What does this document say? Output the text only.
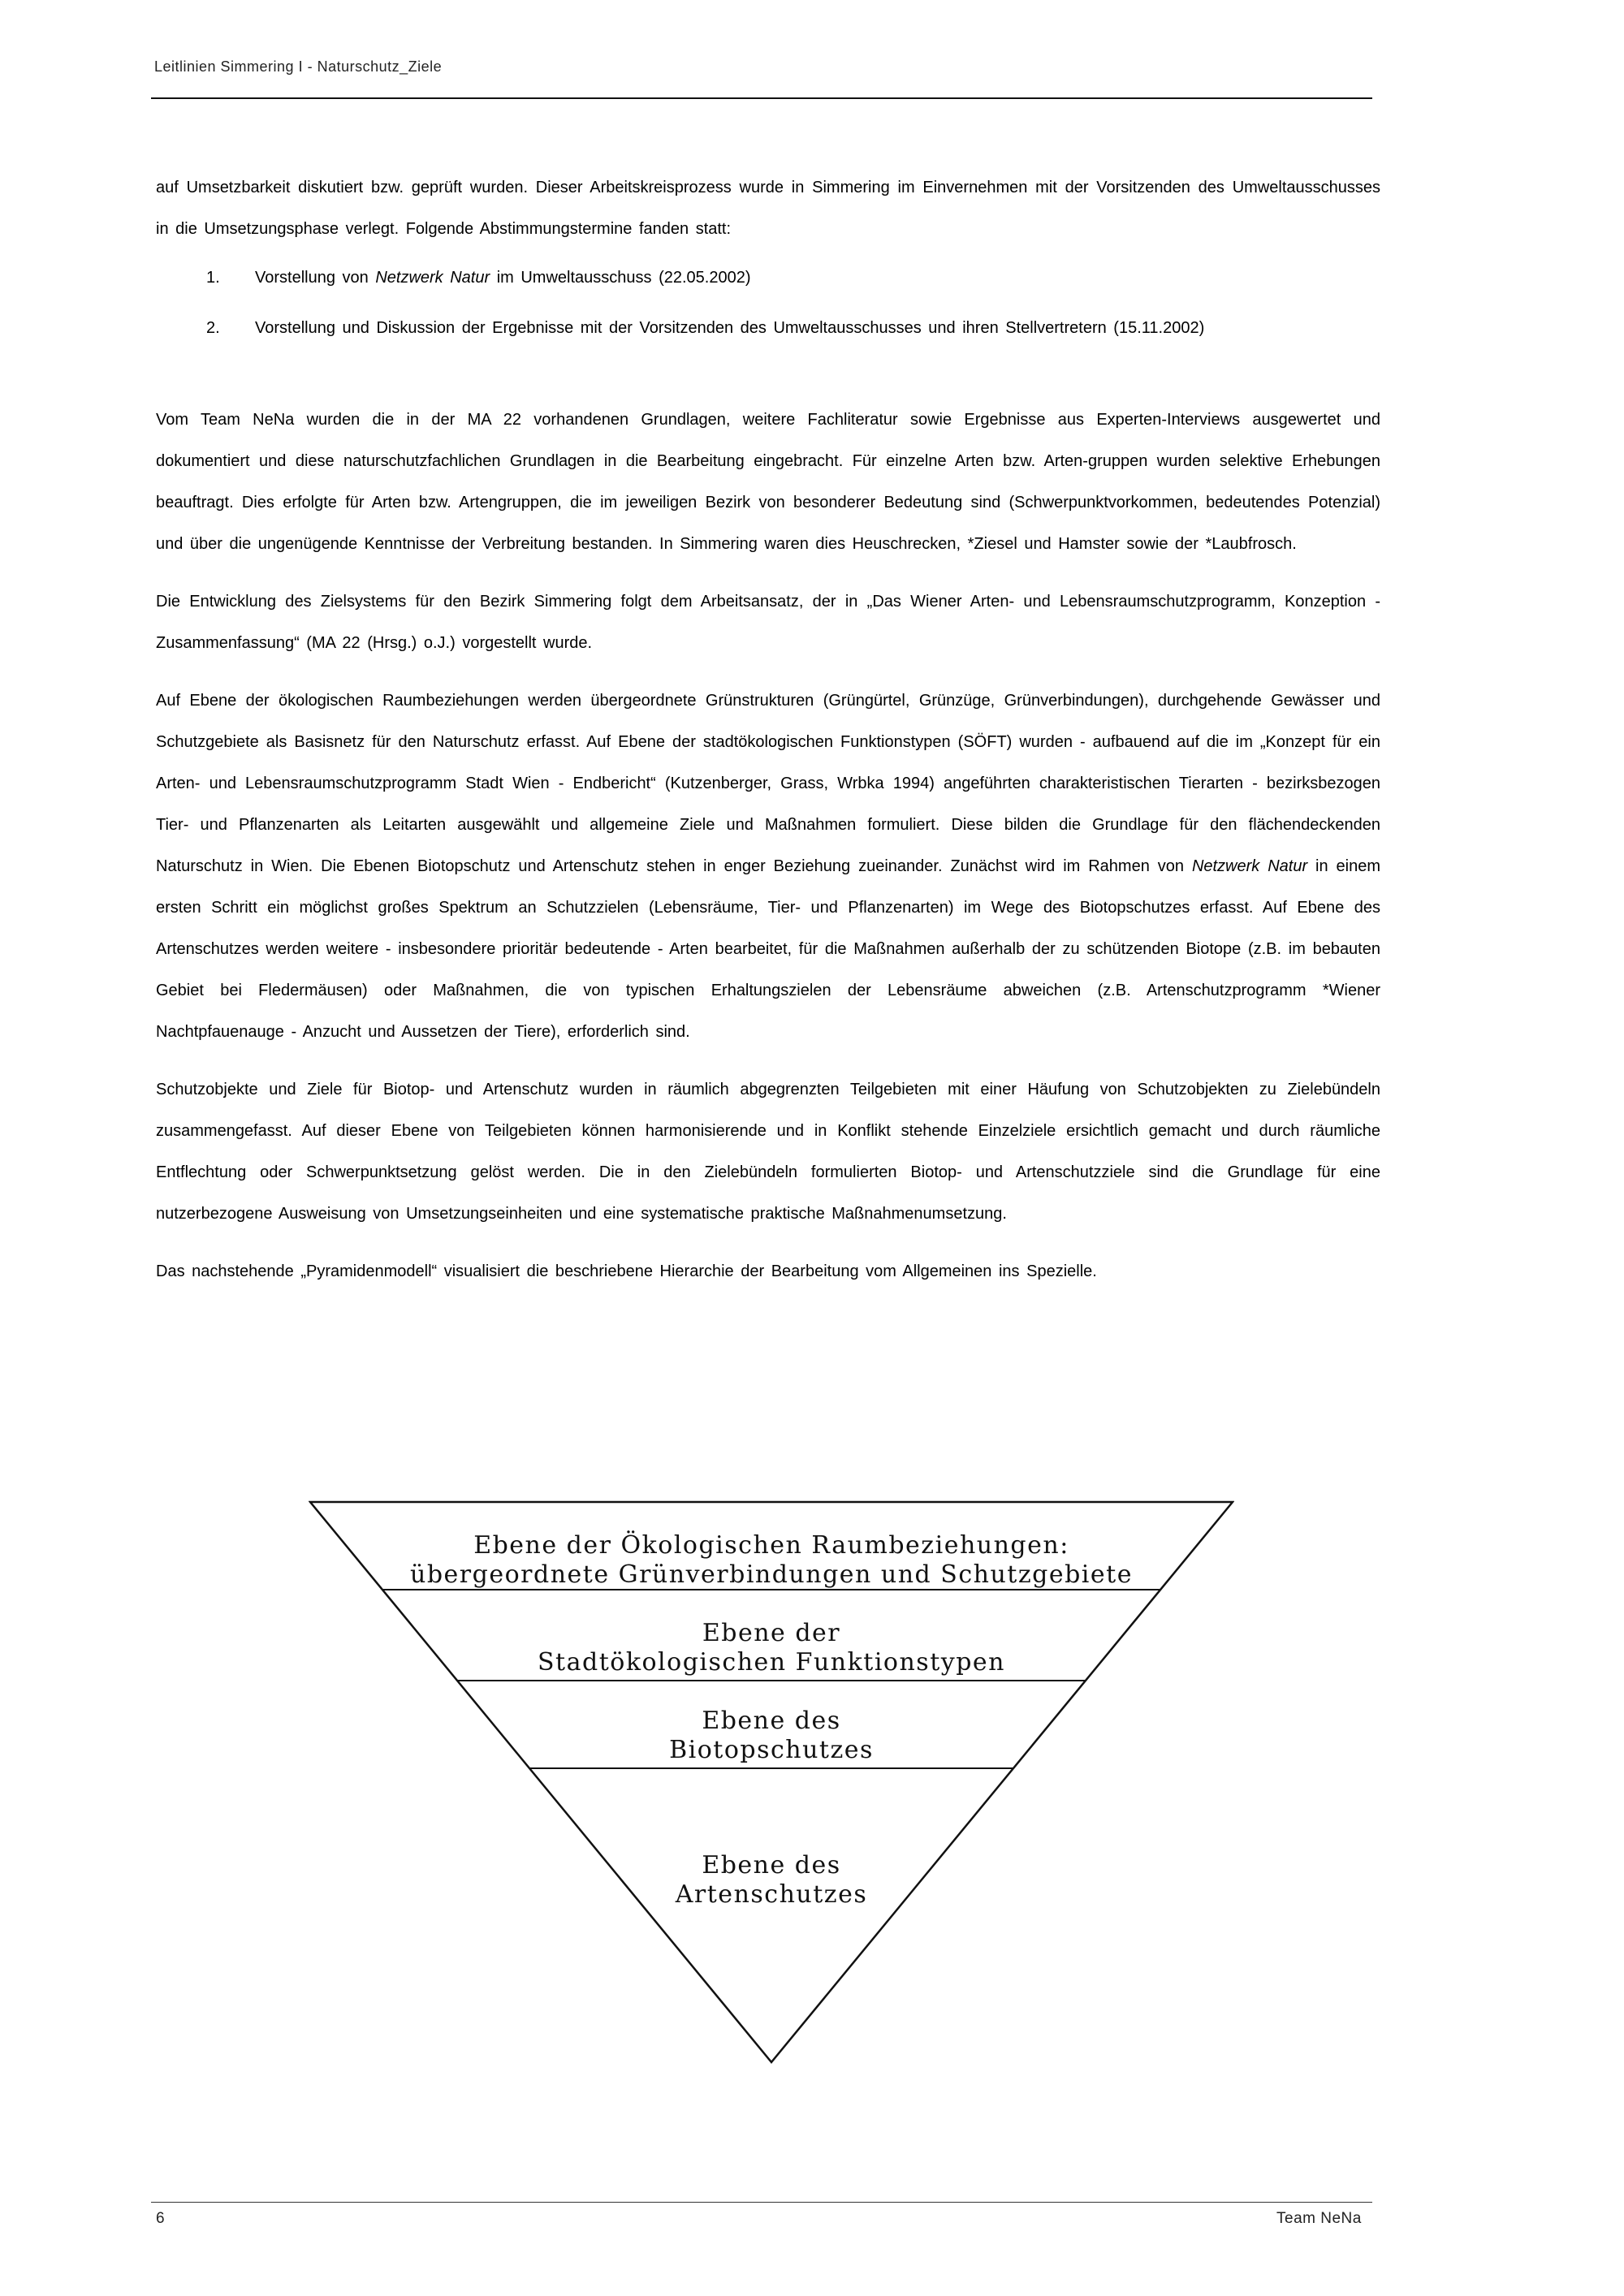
Leitlinien Simmering I - Naturschutz_Ziele

auf Umsetzbarkeit diskutiert bzw. geprüft wurden. Dieser Arbeitskreisprozess wurde in Simmering im Einvernehmen mit der Vorsitzenden des Umweltausschusses in die Umsetzungsphase verlegt. Folgende Abstimmungstermine fanden statt:

1. Vorstellung von Netzwerk Natur im Umweltausschuss (22.05.2002)
2. Vorstellung und Diskussion der Ergebnisse mit der Vorsitzenden des Umweltausschusses und ihren Stellvertretern (15.11.2002)

Vom Team NeNa wurden die in der MA 22 vorhandenen Grundlagen, weitere Fachliteratur sowie Ergebnisse aus Experten-Interviews ausgewertet und dokumentiert und diese naturschutzfachlichen Grundlagen in die Bearbeitung eingebracht. Für einzelne Arten bzw. Arten-gruppen wurden selektive Erhebungen beauftragt. Dies erfolgte für Arten bzw. Artengruppen, die im jeweiligen Bezirk von besonderer Bedeutung sind (Schwerpunktvorkommen, bedeutendes Potenzial) und über die ungenügende Kenntnisse der Verbreitung bestanden. In Simmering waren dies Heuschrecken, *Ziesel und Hamster sowie der *Laubfrosch.

Die Entwicklung des Zielsystems für den Bezirk Simmering folgt dem Arbeitsansatz, der in „Das Wiener Arten- und Lebensraumschutzprogramm, Konzeption - Zusammenfassung“ (MA 22 (Hrsg.) o.J.) vorgestellt wurde.

Auf Ebene der ökologischen Raumbeziehungen werden übergeordnete Grünstrukturen (Grüngürtel, Grünzüge, Grünverbindungen), durchgehende Gewässer und Schutzgebiete als Basisnetz für den Naturschutz erfasst. Auf Ebene der stadtökologischen Funktionstypen (SÖFT) wurden - aufbauend auf die im „Konzept für ein Arten- und Lebensraumschutzprogramm Stadt Wien - Endbericht“ (Kutzenberger, Grass, Wrbka 1994) angeführten charakteristischen Tierarten - bezirksbezogen Tier- und Pflanzenarten als Leitarten ausgewählt und allgemeine Ziele und Maßnahmen formuliert. Diese bilden die Grundlage für den flächendeckenden Naturschutz in Wien. Die Ebenen Biotopschutz und Artenschutz stehen in enger Beziehung zueinander. Zunächst wird im Rahmen von Netzwerk Natur in einem ersten Schritt ein möglichst großes Spektrum an Schutzzielen (Lebensräume, Tier- und Pflanzenarten) im Wege des Biotopschutzes erfasst. Auf Ebene des Artenschutzes werden weitere - insbesondere prioritär bedeutende - Arten bearbeitet, für die Maßnahmen außerhalb der zu schützenden Biotope (z.B. im bebauten Gebiet bei Fledermäusen) oder Maßnahmen, die von typischen Erhaltungszielen der Lebensräume abweichen (z.B. Artenschutzprogramm *Wiener Nachtpfauenauge - Anzucht und Aussetzen der Tiere), erforderlich sind.

Schutzobjekte und Ziele für Biotop- und Artenschutz wurden in räumlich abgegrenzten Teilgebieten mit einer Häufung von Schutzobjekten zu Zielebündeln zusammengefasst. Auf dieser Ebene von Teilgebieten können harmonisierende und in Konflikt stehende Einzelziele ersichtlich gemacht und durch räumliche Entflechtung oder Schwerpunktsetzung gelöst werden. Die in den Zielebündeln formulierten Biotop- und Artenschutzziele sind die Grundlage für eine nutzerbezogene Ausweisung von Umsetzungseinheiten und eine systematische praktische Maßnahmenumsetzung.

Das nachstehende „Pyramidenmodell“ visualisiert die beschriebene Hierarchie der Bearbeitung vom Allgemeinen ins Spezielle.

Ebene der Ökologischen Raumbeziehungen:
übergeordnete Grünverbindungen und Schutzgebiete
Ebene der
Stadtökologischen Funktionstypen
Ebene des
Biotopschutzes
Ebene des
Artenschutzes
6	Team NeNa
